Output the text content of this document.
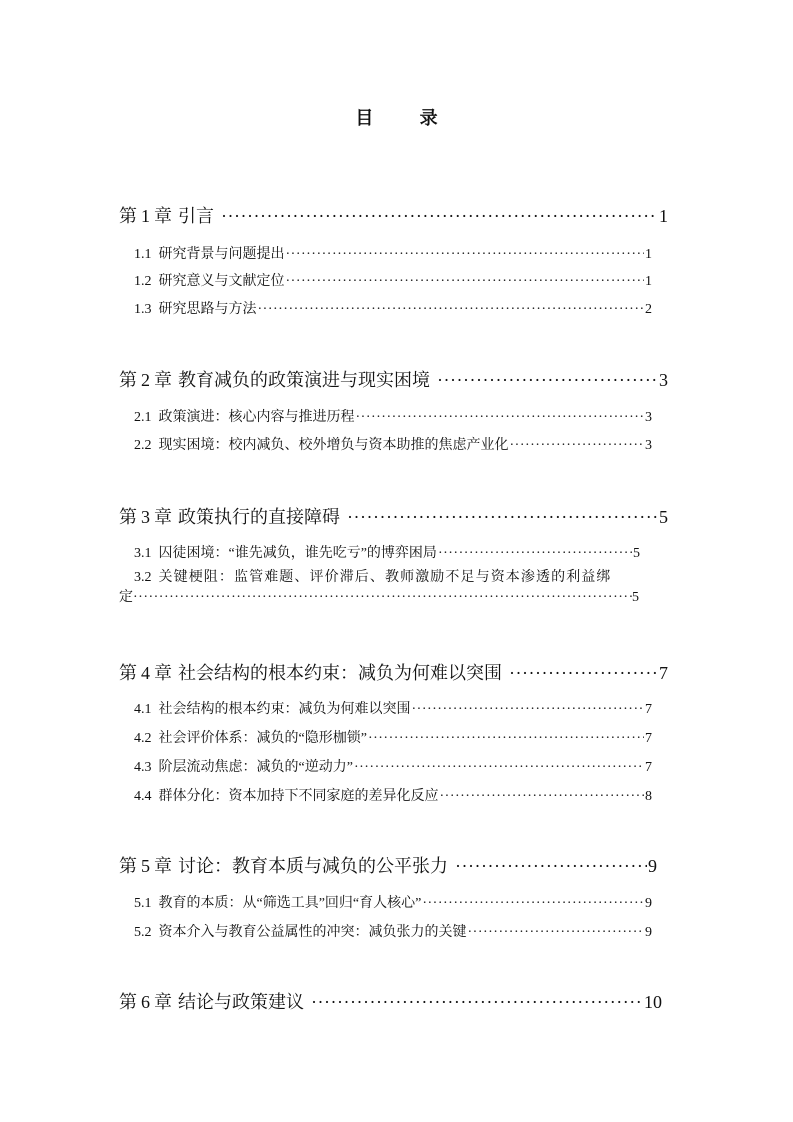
目 录
第 1 章 引言 ·····	1
1.1 研究背景与问题提出 ·····	1
1.2 研究意义与文献定位 ·····	1
1.3 研究思路与方法 ·····	2
第 2 章 教育减负的政策演进与现实困境 ·····	3
2.1 政策演进：核心内容与推进历程 ·····	3
2.2 现实困境：校内减负、校外增负与资本助推的焦虑产业化 ·····	3
第 3 章 政策执行的直接障碍 ·····	5
3.1 囚徒困境：“谁先减负，谁先吃亏”的博弈困局 ·····	5
3.2 关键梗阻：监管难题、评价滞后、教师激励不足与资本渗透的利益绑
定 ·····	5
第 4 章 社会结构的根本约束：减负为何难以突围 ·····	7
4.1 社会结构的根本约束：减负为何难以突围 ·····	7
4.2 社会评价体系：减负的“隐形枷锁” ·····	7
4.3 阶层流动焦虑：减负的“逆动力” ·····	7
4.4 群体分化：资本加持下不同家庭的差异化反应 ·····	8
第 5 章 讨论：教育本质与减负的公平张力 ·····	9
5.1 教育的本质：从“筛选工具”回归“育人核心” ·····	9
5.2 资本介入与教育公益属性的冲突：减负张力的关键 ·····	9
第 6 章 结论与政策建议 ·····	10
